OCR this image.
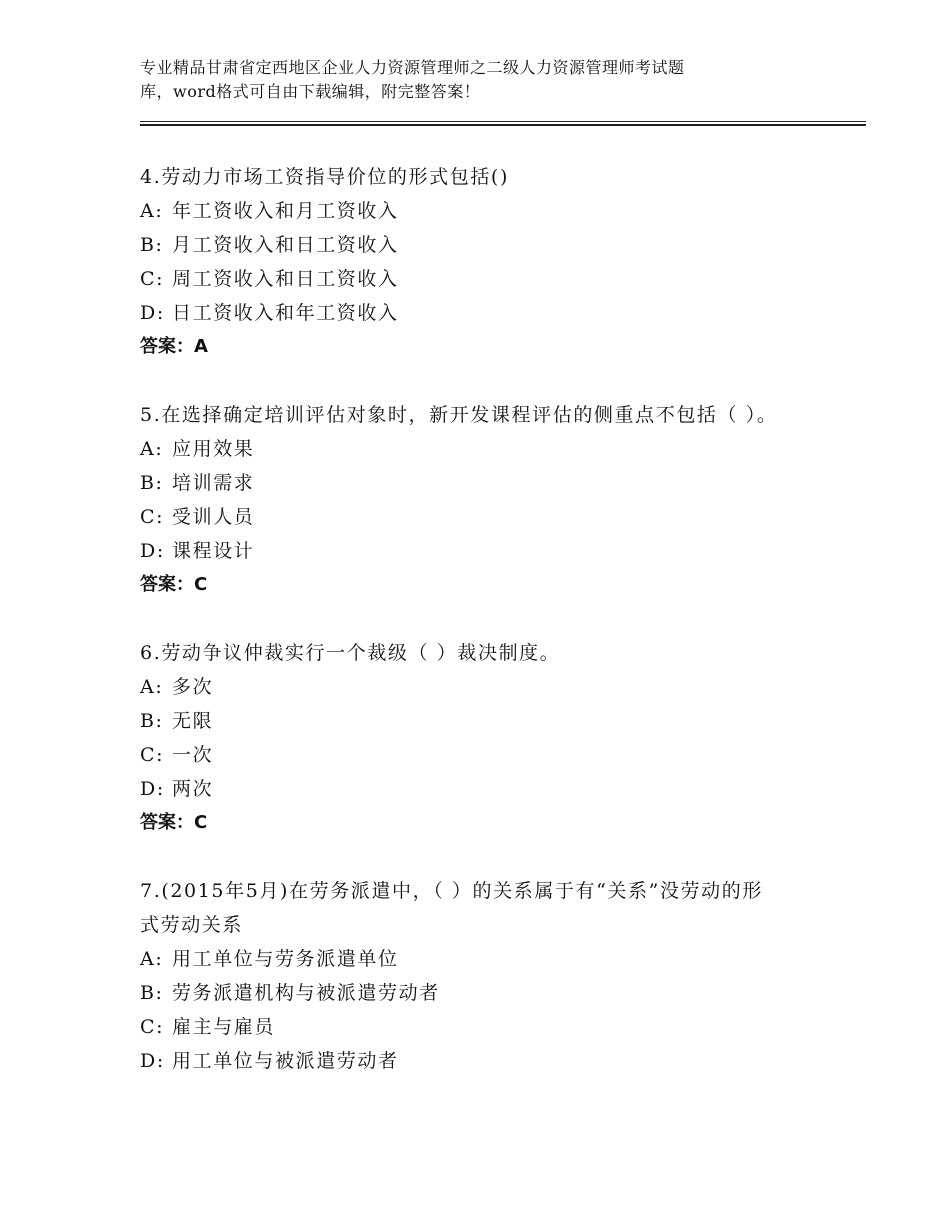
专业精品甘肃省定西地区企业人力资源管理师之二级人力资源管理师考试题
库，word格式可自由下载编辑，附完整答案！
4.劳动力市场工资指导价位的形式包括()
A: 年工资收入和月工资收入
B: 月工资收入和日工资收入
C: 周工资收入和日工资收入
D: 日工资收入和年工资收入
答案：A
5.在选择确定培训评估对象时，新开发课程评估的侧重点不包括（ ）。
A: 应用效果
B: 培训需求
C: 受训人员
D: 课程设计
答案：C
6.劳动争议仲裁实行一个裁级（ ）裁决制度。
A: 多次
B: 无限
C: 一次
D: 两次
答案：C
7.(2015年5月)在劳务派遣中，（ ）的关系属于有“关系”没劳动的形式劳动关系
A: 用工单位与劳务派遣单位
B: 劳务派遣机构与被派遣劳动者
C: 雇主与雇员
D: 用工单位与被派遣劳动者
